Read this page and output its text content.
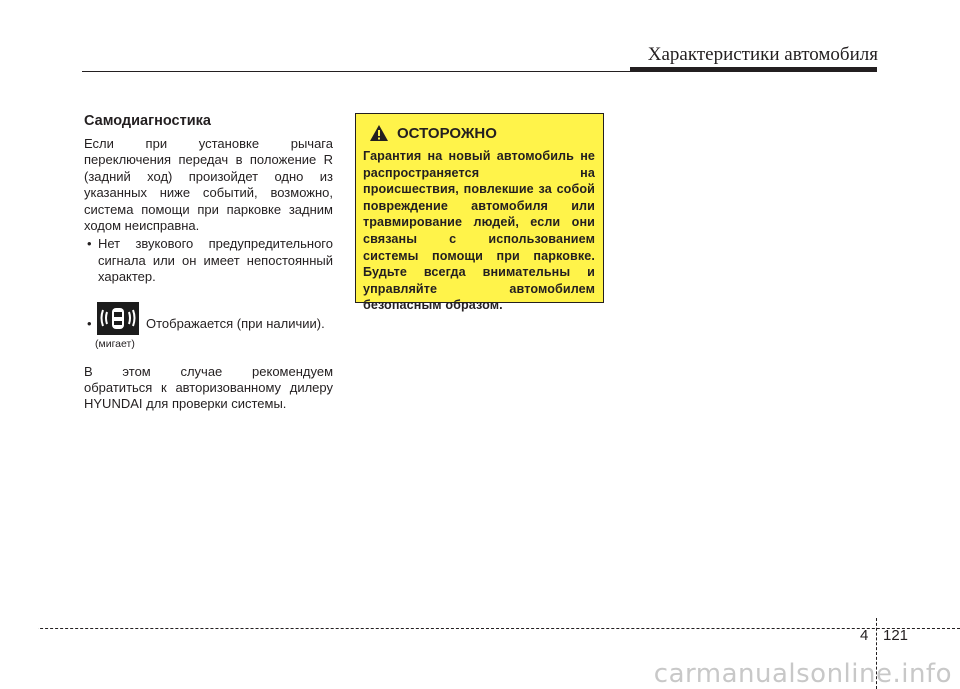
Характеристики автомобиля
Самодиагностика

Если при установке рычага

переключения передач в положение R

(задний ход) произойдет одно из

указанных ниже событий, возможно,

система помощи при парковке задним

ходом неисправна.

• Нет звукового предупредительного сигнала или он имеет непостоянный характер.
•
(мигает)
Отображается (при наличии).

В этом случае рекомендуем

обратиться к авторизованному дилеру

HYUNDAI для проверки системы.

ОСТОРОЖНО

Гарантия на новый автомобиль не распространяется на происшествия, повлекшие за собой повреждение автомобиля или травмирование людей, если они связаны с использованием системы помощи при парковке. Будьте всегда внимательны и управляйте автомобилем безопасным образом.

4 121
carmanualsonline.info
